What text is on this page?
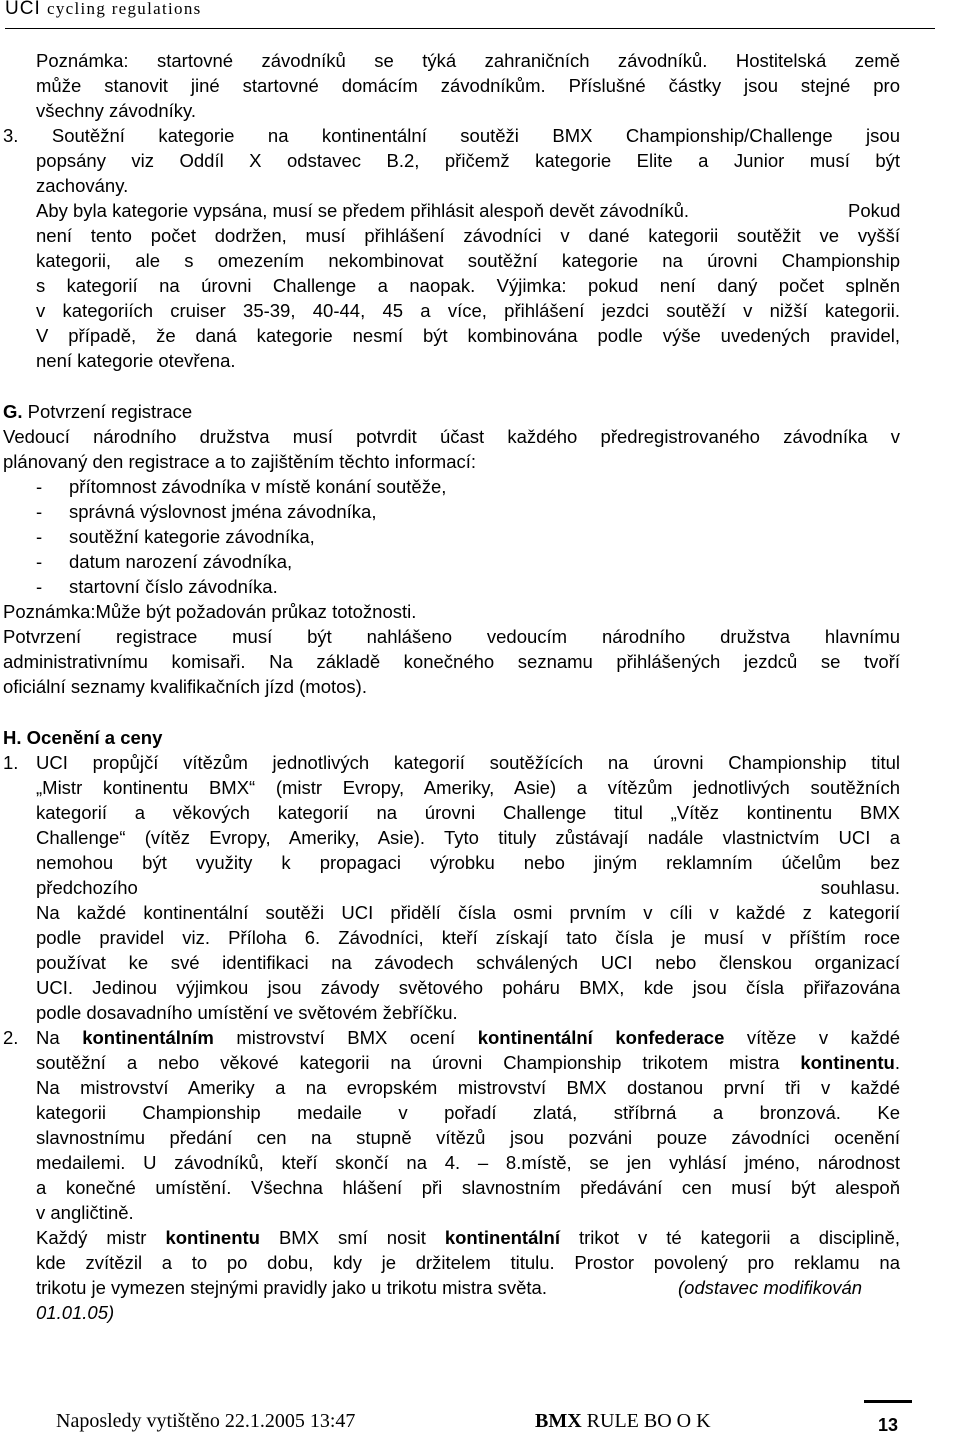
UCI cycling regulations
Poznámka: startovné závodníků se týká zahraničních závodníků. Hostitelská země
může stanovit jiné startovné domácím závodníkům. Příslušné částky jsou stejné pro
všechny závodníky.
3. Soutěžní kategorie na kontinentální soutěži BMX Championship/Challenge jsou
popsány viz Oddíl X odstavec B.2, přičemž kategorie Elite a Junior musí být
zachovány.
Aby byla kategorie vypsána, musí se předem přihlásit alespoň devět závodníků.	Pokud
není tento počet dodržen, musí přihlášení závodníci v dané kategorii soutěžit ve vyšší
kategorii, ale s omezením nekombinovat soutěžní kategorie na úrovni Championship
s kategorií na úrovni Challenge a naopak. Výjimka: pokud není daný počet splněn
v kategoriích cruiser 35-39, 40-44, 45 a více, přihlášení jezdci soutěží v nižší kategorii.
V případě, že daná kategorie nesmí být kombinována podle výše uvedených pravidel,
není kategorie otevřena.
G. Potvrzení registrace
Vedoucí národního družstva musí potvrdit účast každého předregistrovaného závodníka v
plánovaný den registrace a to zajištěním těchto informací:
- přítomnost závodníka v místě konání soutěže,
- správná výslovnost jména závodníka,
- soutěžní kategorie závodníka,
- datum narození závodníka,
- startovní číslo závodníka.
Poznámka:Může být požadován průkaz totožnosti.
Potvrzení registrace musí být nahlášeno vedoucím národního družstva hlavnímu
administrativnímu komisaři. Na základě konečného seznamu přihlášených jezdců se tvoří
oficiální seznamy kvalifikačních jízd (motos).
H. Ocenění a ceny
1. UCI propůjčí vítězům jednotlivých kategorií soutěžících na úrovni Championship titul
„Mistr kontinentu BMX“ (mistr Evropy, Ameriky, Asie) a vítězům jednotlivých soutěžních
kategorií a věkových kategorií na úrovni Challenge titul „Vítěz kontinentu BMX
Challenge“ (vítěz Evropy, Ameriky, Asie). Tyto tituly zůstávají nadále vlastnictvím UCI a
nemohou být využity k propagaci výrobku nebo jiným reklamním účelům bez
předchozího souhlasu.
Na každé kontinentální soutěži UCI přidělí čísla osmi prvním v cíli v každé z kategorií
podle pravidel viz. Příloha 6. Závodníci, kteří získají tato čísla je musí v příštím roce
používat ke své identifikaci na závodech schválených UCI nebo členskou organizací
UCI. Jedinou výjimkou jsou závody světového poháru BMX, kde jsou čísla přiřazována
podle dosavadního umístění ve světovém žebříčku.
2. Na kontinentálním mistrovství BMX ocení kontinentální konfederace vítěze v každé
soutěžní a nebo věkové kategorii na úrovni Championship trikotem mistra kontinentu.
Na mistrovství Ameriky a na evropském mistrovství BMX dostanou první tři v každé
kategorii Championship medaile v pořadí zlatá, stříbrná a bronzová. Ke
slavnostnímu předání cen na stupně vítězů jsou pozváni pouze závodníci ocenění
medailemi. U závodníků, kteří skončí na 4. – 8.místě, se jen vyhlásí jméno, národnost
a konečné umístění. Všechna hlášení při slavnostním předávání cen musí být alespoň
v angličtině.
Každý mistr kontinentu BMX smí nosit kontinentální trikot v té kategorii a disciplině,
kde zvítězil a to po dobu, kdy je držitelem titulu. Prostor povolený pro reklamu na
trikotu je vymezen stejnými pravidly jako u trikotu mistra světa.	(odstavec modifikován
01.01.05)
Naposledy vytištěno 22.1.2005 13:47	BMX RULE BO O K	13
